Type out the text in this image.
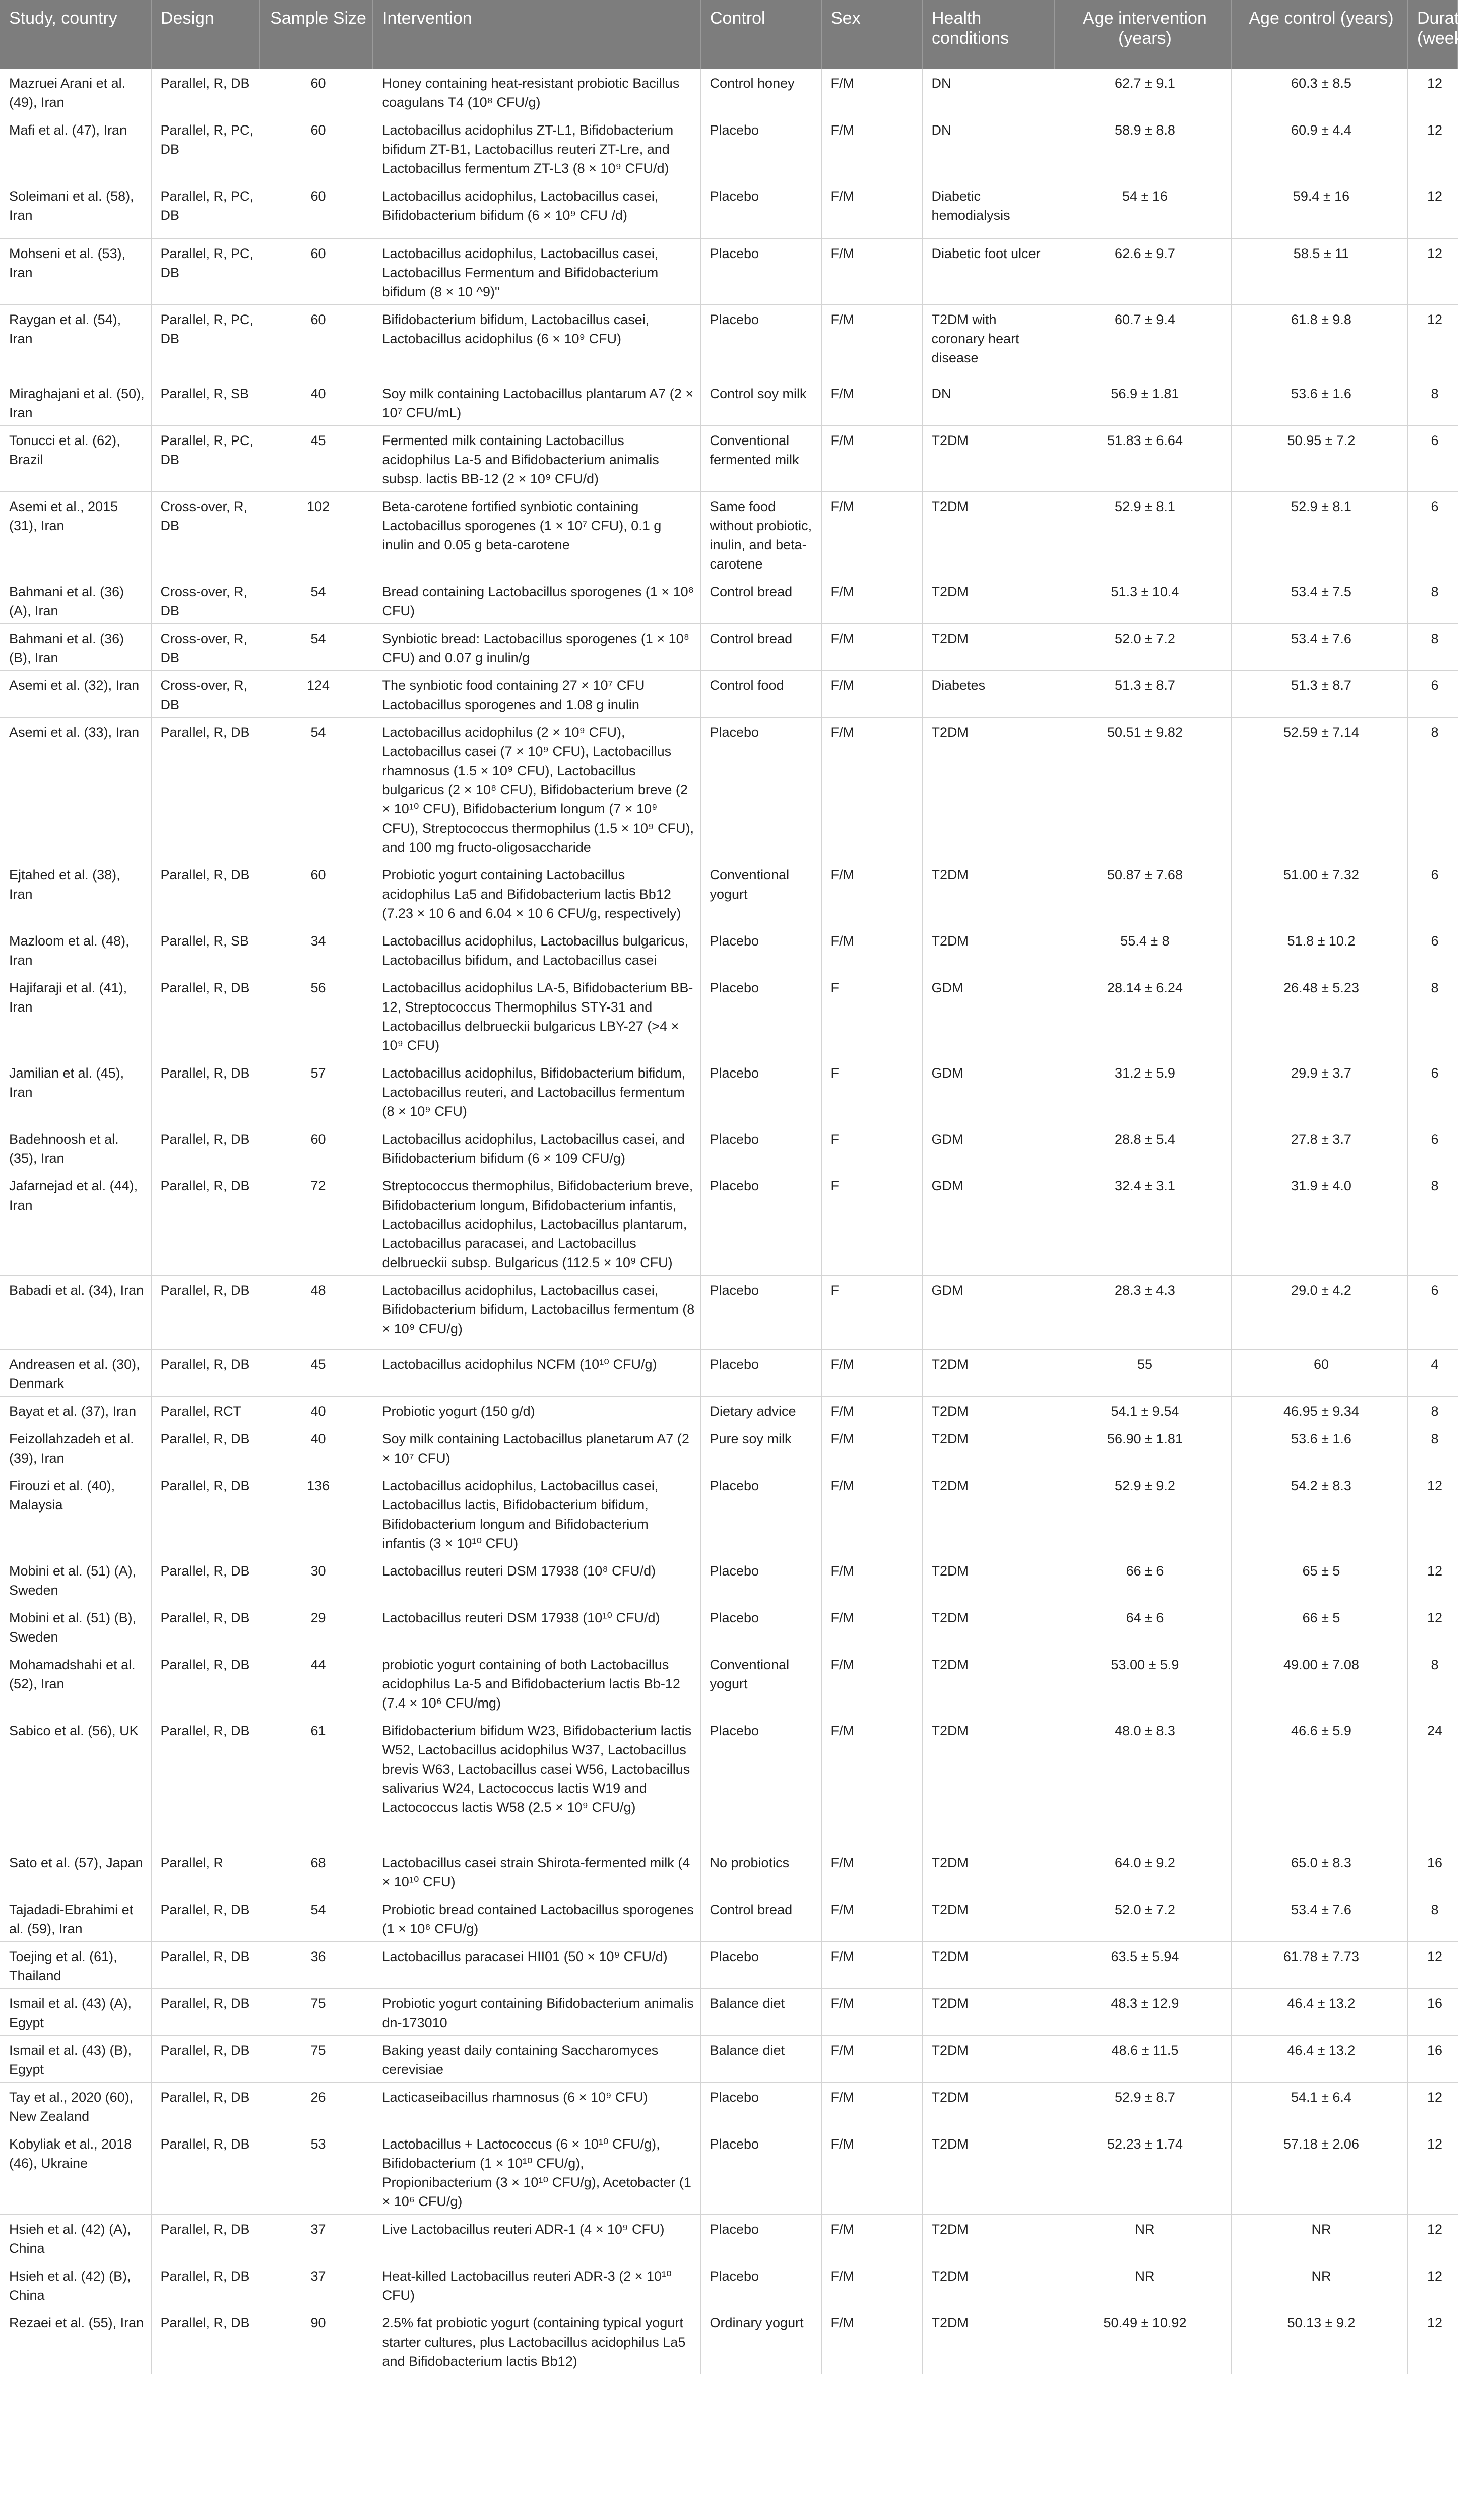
Study, country	Design	Sample Size	Intervention	Control	Sex	Health conditions	Age intervention (years)	Age control (years)	Duration (weeks)
Mazruei Arani et al. (49), Iran	Parallel, R, DB	60	Honey containing heat-resistant probiotic Bacillus coagulans T4 (10⁸ CFU/g)	Control honey	F/M	DN	62.7 ± 9.1	60.3 ± 8.5	12
Mafi et al. (47), Iran	Parallel, R, PC, DB	60	Lactobacillus acidophilus ZT-L1, Bifidobacterium bifidum ZT-B1, Lactobacillus reuteri ZT-Lre, and Lactobacillus fermentum ZT-L3 (8 × 10⁹ CFU/d)	Placebo	F/M	DN	58.9 ± 8.8	60.9 ± 4.4	12
Soleimani et al. (58), Iran	Parallel, R, PC, DB	60	Lactobacillus acidophilus, Lactobacillus casei, Bifidobacterium bifidum (6 × 10⁹ CFU /d)	Placebo	F/M	Diabetic hemodialysis	54 ± 16	59.4 ± 16	12
Mohseni et al. (53), Iran	Parallel, R, PC, DB	60	Lactobacillus acidophilus, Lactobacillus casei, Lactobacillus Fermentum and Bifidobacterium bifidum (8 × 10 ^9)"	Placebo	F/M	Diabetic foot ulcer	62.6 ± 9.7	58.5 ± 11	12
Raygan et al. (54), Iran	Parallel, R, PC, DB	60	Bifidobacterium bifidum, Lactobacillus casei, Lactobacillus acidophilus (6 × 10⁹ CFU)	Placebo	F/M	T2DM with coronary heart disease	60.7 ± 9.4	61.8 ± 9.8	12
Miraghajani et al. (50), Iran	Parallel, R, SB	40	Soy milk containing Lactobacillus plantarum A7 (2 × 10⁷ CFU/mL)	Control soy milk	F/M	DN	56.9 ± 1.81	53.6 ± 1.6	8
Tonucci et al. (62), Brazil	Parallel, R, PC, DB	45	Fermented milk containing Lactobacillus acidophilus La-5 and Bifidobacterium animalis subsp. lactis BB-12 (2 × 10⁹ CFU/d)	Conventional fermented milk	F/M	T2DM	51.83 ± 6.64	50.95 ± 7.2	6
Asemi et al., 2015 (31), Iran	Cross-over, R, DB	102	Beta-carotene fortified synbiotic containing Lactobacillus sporogenes (1 × 10⁷ CFU), 0.1 g inulin and 0.05 g beta-carotene	Same food without probiotic, inulin, and beta-carotene	F/M	T2DM	52.9 ± 8.1	52.9 ± 8.1	6
Bahmani et al. (36) (A), Iran	Cross-over, R, DB	54	Bread containing Lactobacillus sporogenes (1 × 10⁸ CFU)	Control bread	F/M	T2DM	51.3 ± 10.4	53.4 ± 7.5	8
Bahmani et al. (36) (B), Iran	Cross-over, R, DB	54	Synbiotic bread: Lactobacillus sporogenes (1 × 10⁸ CFU) and 0.07 g inulin/g	Control bread	F/M	T2DM	52.0 ± 7.2	53.4 ± 7.6	8
Asemi et al. (32), Iran	Cross-over, R, DB	124	The synbiotic food containing 27 × 10⁷ CFU Lactobacillus sporogenes and 1.08 g inulin	Control food	F/M	Diabetes	51.3 ± 8.7	51.3 ± 8.7	6
Asemi et al. (33), Iran	Parallel, R, DB	54	Lactobacillus acidophilus (2 × 10⁹ CFU), Lactobacillus casei (7 × 10⁹ CFU), Lactobacillus rhamnosus (1.5 × 10⁹ CFU), Lactobacillus bulgaricus (2 × 10⁸ CFU), Bifidobacterium breve (2 × 10¹⁰ CFU), Bifidobacterium longum (7 × 10⁹ CFU), Streptococcus thermophilus (1.5 × 10⁹ CFU), and 100 mg fructo-oligosaccharide	Placebo	F/M	T2DM	50.51 ± 9.82	52.59 ± 7.14	8
Ejtahed et al. (38), Iran	Parallel, R, DB	60	Probiotic yogurt containing Lactobacillus acidophilus La5 and Bifidobacterium lactis Bb12 (7.23 × 10 6 and 6.04 × 10 6 CFU/g, respectively)	Conventional yogurt	F/M	T2DM	50.87 ± 7.68	51.00 ± 7.32	6
Mazloom et al. (48), Iran	Parallel, R, SB	34	Lactobacillus acidophilus, Lactobacillus bulgaricus, Lactobacillus bifidum, and Lactobacillus casei	Placebo	F/M	T2DM	55.4 ± 8	51.8 ± 10.2	6
Hajifaraji et al. (41), Iran	Parallel, R, DB	56	Lactobacillus acidophilus LA-5, Bifidobacterium BB-12, Streptococcus Thermophilus STY-31 and Lactobacillus delbrueckii bulgaricus LBY-27 (>4 × 10⁹ CFU)	Placebo	F	GDM	28.14 ± 6.24	26.48 ± 5.23	8
Jamilian et al. (45), Iran	Parallel, R, DB	57	Lactobacillus acidophilus, Bifidobacterium bifidum, Lactobacillus reuteri, and Lactobacillus fermentum (8 × 10⁹ CFU)	Placebo	F	GDM	31.2 ± 5.9	29.9 ± 3.7	6
Badehnoosh et al. (35), Iran	Parallel, R, DB	60	Lactobacillus acidophilus, Lactobacillus casei, and Bifidobacterium bifidum (6 × 109 CFU/g)	Placebo	F	GDM	28.8 ± 5.4	27.8 ± 3.7	6
Jafarnejad et al. (44), Iran	Parallel, R, DB	72	Streptococcus thermophilus, Bifidobacterium breve, Bifidobacterium longum, Bifidobacterium infantis, Lactobacillus acidophilus, Lactobacillus plantarum, Lactobacillus paracasei, and Lactobacillus delbrueckii subsp. Bulgaricus (112.5 × 10⁹ CFU)	Placebo	F	GDM	32.4 ± 3.1	31.9 ± 4.0	8
Babadi et al. (34), Iran	Parallel, R, DB	48	Lactobacillus acidophilus, Lactobacillus casei, Bifidobacterium bifidum, Lactobacillus fermentum (8 × 10⁹ CFU/g)	Placebo	F	GDM	28.3 ± 4.3	29.0 ± 4.2	6
Andreasen et al. (30), Denmark	Parallel, R, DB	45	Lactobacillus acidophilus NCFM (10¹⁰ CFU/g)	Placebo	F/M	T2DM	55	60	4
Bayat et al. (37), Iran	Parallel, RCT	40	Probiotic yogurt (150 g/d)	Dietary advice	F/M	T2DM	54.1 ± 9.54	46.95 ± 9.34	8
Feizollahzadeh et al. (39), Iran	Parallel, R, DB	40	Soy milk containing Lactobacillus planetarum A7 (2 × 10⁷ CFU)	Pure soy milk	F/M	T2DM	56.90 ± 1.81	53.6 ± 1.6	8
Firouzi et al. (40), Malaysia	Parallel, R, DB	136	Lactobacillus acidophilus, Lactobacillus casei, Lactobacillus lactis, Bifidobacterium bifidum, Bifidobacterium longum and Bifidobacterium infantis (3 × 10¹⁰ CFU)	Placebo	F/M	T2DM	52.9 ± 9.2	54.2 ± 8.3	12
Mobini et al. (51) (A), Sweden	Parallel, R, DB	30	Lactobacillus reuteri DSM 17938 (10⁸ CFU/d)	Placebo	F/M	T2DM	66 ± 6	65 ± 5	12
Mobini et al. (51) (B), Sweden	Parallel, R, DB	29	Lactobacillus reuteri DSM 17938 (10¹⁰ CFU/d)	Placebo	F/M	T2DM	64 ± 6	66 ± 5	12
Mohamadshahi et al. (52), Iran	Parallel, R, DB	44	probiotic yogurt containing of both Lactobacillus acidophilus La-5 and Bifidobacterium lactis Bb-12 (7.4 × 10⁶ CFU/mg)	Conventional yogurt	F/M	T2DM	53.00 ± 5.9	49.00 ± 7.08	8
Sabico et al. (56), UK	Parallel, R, DB	61	Bifidobacterium bifidum W23, Bifidobacterium lactis W52, Lactobacillus acidophilus W37, Lactobacillus brevis W63, Lactobacillus casei W56, Lactobacillus salivarius W24, Lactococcus lactis W19 and Lactococcus lactis W58 (2.5 × 10⁹ CFU/g)	Placebo	F/M	T2DM	48.0 ± 8.3	46.6 ± 5.9	24
Sato et al. (57), Japan	Parallel, R	68	Lactobacillus casei strain Shirota-fermented milk (4 × 10¹⁰ CFU)	No probiotics	F/M	T2DM	64.0 ± 9.2	65.0 ± 8.3	16
Tajadadi-Ebrahimi et al. (59), Iran	Parallel, R, DB	54	Probiotic bread contained Lactobacillus sporogenes (1 × 10⁸ CFU/g)	Control bread	F/M	T2DM	52.0 ± 7.2	53.4 ± 7.6	8
Toejing et al. (61), Thailand	Parallel, R, DB	36	Lactobacillus paracasei HII01 (50 × 10⁹ CFU/d)	Placebo	F/M	T2DM	63.5 ± 5.94	61.78 ± 7.73	12
Ismail et al. (43) (A), Egypt	Parallel, R, DB	75	Probiotic yogurt containing Bifidobacterium animalis dn-173010	Balance diet	F/M	T2DM	48.3 ± 12.9	46.4 ± 13.2	16
Ismail et al. (43) (B), Egypt	Parallel, R, DB	75	Baking yeast daily containing Saccharomyces cerevisiae	Balance diet	F/M	T2DM	48.6 ± 11.5	46.4 ± 13.2	16
Tay et al., 2020 (60), New Zealand	Parallel, R, DB	26	Lacticaseibacillus rhamnosus (6 × 10⁹ CFU)	Placebo	F/M	T2DM	52.9 ± 8.7	54.1 ± 6.4	12
Kobyliak et al., 2018 (46), Ukraine	Parallel, R, DB	53	Lactobacillus + Lactococcus (6 × 10¹⁰ CFU/g), Bifidobacterium (1 × 10¹⁰ CFU/g), Propionibacterium (3 × 10¹⁰ CFU/g), Acetobacter (1 × 10⁶ CFU/g)	Placebo	F/M	T2DM	52.23 ± 1.74	57.18 ± 2.06	12
Hsieh et al. (42) (A), China	Parallel, R, DB	37	Live Lactobacillus reuteri ADR-1 (4 × 10⁹ CFU)	Placebo	F/M	T2DM	NR	NR	12
Hsieh et al. (42) (B), China	Parallel, R, DB	37	Heat-killed Lactobacillus reuteri ADR-3 (2 × 10¹⁰ CFU)	Placebo	F/M	T2DM	NR	NR	12
Rezaei et al. (55), Iran	Parallel, R, DB	90	2.5% fat probiotic yogurt (containing typical yogurt starter cultures, plus Lactobacillus acidophilus La5 and Bifidobacterium lactis Bb12)	Ordinary yogurt	F/M	T2DM	50.49 ± 10.92	50.13 ± 9.2	12
